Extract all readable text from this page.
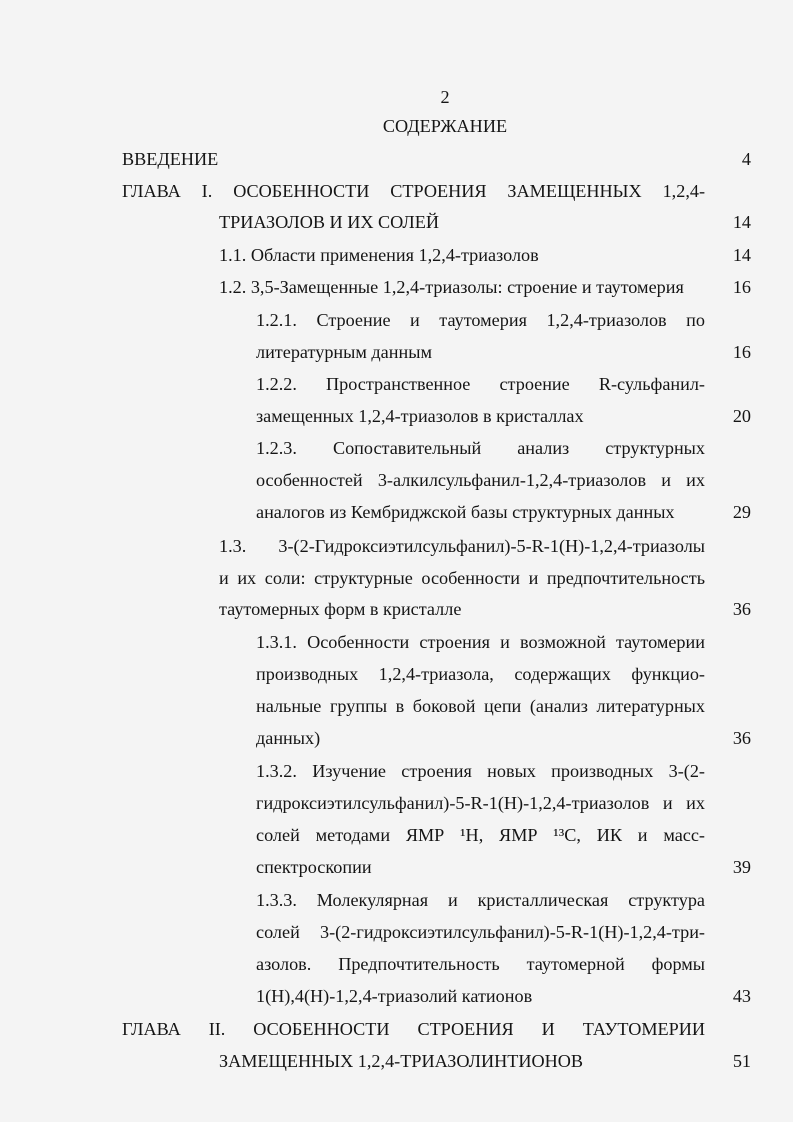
2
СОДЕРЖАНИЕ
ВВЕДЕНИЕ	4
ГЛАВА I. ОСОБЕННОСТИ СТРОЕНИЯ ЗАМЕЩЕННЫХ 1,2,4-
ТРИАЗОЛОВ И ИХ СОЛЕЙ	14
1.1. Области применения 1,2,4-триазолов	14
1.2. 3,5-Замещенные 1,2,4-триазолы: строение и таутомерия	16
1.2.1. Строение и таутомерия 1,2,4-триазолов по
литературным данным	16
1.2.2. Пространственное строение R-сульфанил-
замещенных 1,2,4-триазолов в кристаллах	20
1.2.3. Сопоставительный анализ структурных
особенностей 3-алкилсульфанил-1,2,4-триазолов и их
аналогов из Кембриджской базы структурных данных	29
1.3. 3-(2-Гидроксиэтилсульфанил)-5-R-1(H)-1,2,4-триазолы
и их соли: структурные особенности и предпочтительность
таутомерных форм в кристалле	36
1.3.1. Особенности строения и возможной таутомерии
производных 1,2,4-триазола, содержащих функцио-
нальные группы в боковой цепи (анализ литературных
данных)	36
1.3.2. Изучение строения новых производных 3-(2-
гидроксиэтилсульфанил)-5-R-1(H)-1,2,4-триазолов и их
солей методами ЯМР ¹H, ЯМР ¹³C, ИК и масс-
спектроскопии	39
1.3.3. Молекулярная и кристаллическая структура
солей 3-(2-гидроксиэтилсульфанил)-5-R-1(H)-1,2,4-три-
азолов. Предпочтительность таутомерной формы
1(H),4(H)-1,2,4-триазолий катионов	43
ГЛАВА II. ОСОБЕННОСТИ СТРОЕНИЯ И ТАУТОМЕРИИ
ЗАМЕЩЕННЫХ 1,2,4-ТРИАЗОЛИНТИОНОВ	51
